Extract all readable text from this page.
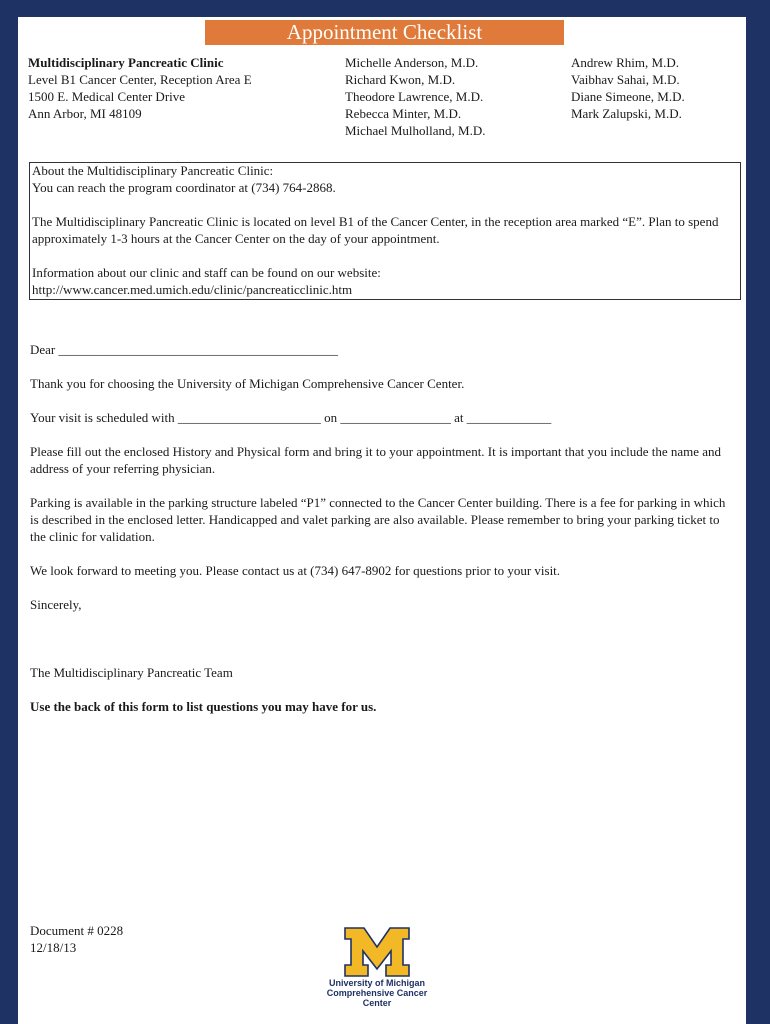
Appointment Checklist
Multidisciplinary Pancreatic Clinic
Level B1 Cancer Center, Reception Area E
1500 E. Medical Center Drive
Ann Arbor, MI 48109
Michelle Anderson, M.D.
Richard Kwon, M.D.
Theodore Lawrence, M.D.
Rebecca Minter, M.D.
Michael Mulholland, M.D.
Andrew Rhim, M.D.
Vaibhav Sahai, M.D.
Diane Simeone, M.D.
Mark Zalupski, M.D.

About the Multidisciplinary Pancreatic Clinic:
You can reach the program coordinator at (734) 764-2868.

The Multidisciplinary Pancreatic Clinic is located on level B1 of the Cancer Center, in the reception area marked “E”. Plan to spend approximately 1-3 hours at the Cancer Center on the day of your appointment.

Information about our clinic and staff can be found on our website:
http://www.cancer.med.umich.edu/clinic/pancreaticclinic.htm

Dear ___________________________________________

Thank you for choosing the University of Michigan Comprehensive Cancer Center.

Your visit is scheduled with ______________________ on _________________ at _____________

Please fill out the enclosed History and Physical form and bring it to your appointment. It is important that you include the name and address of your referring physician.

Parking is available in the parking structure labeled “P1” connected to the Cancer Center building. There is a fee for parking in which is described in the enclosed letter. Handicapped and valet parking are also available. Please remember to bring your parking ticket to the clinic for validation.

We look forward to meeting you. Please contact us at (734) 647-8902 for questions prior to your visit.

Sincerely,

The Multidisciplinary Pancreatic Team

Use the back of this form to list questions you may have for us.

Document # 0228
12/18/13
University of Michigan
Comprehensive Cancer Center
